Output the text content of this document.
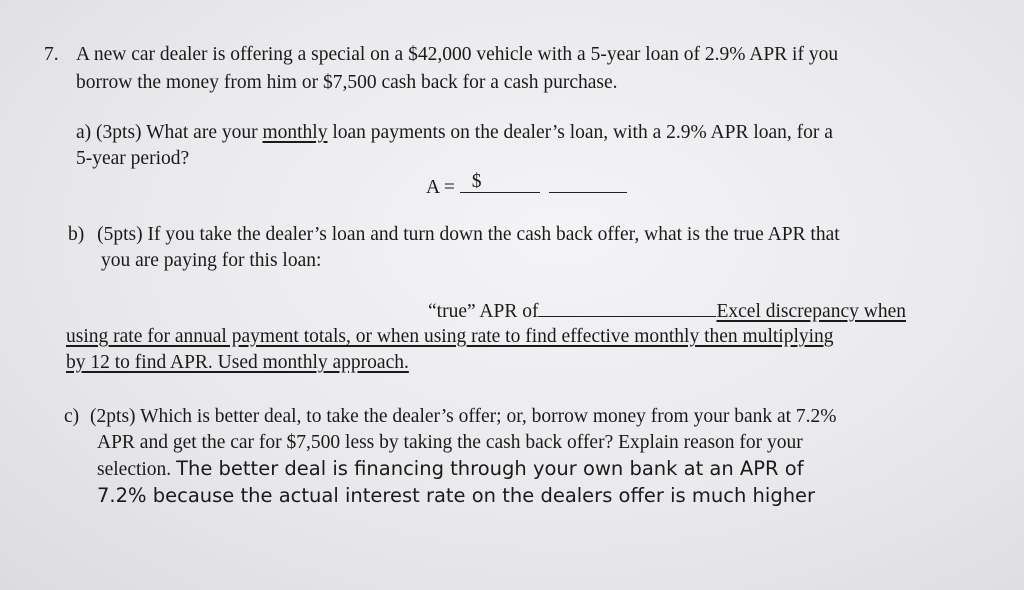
7. A new car dealer is offering a special on a $42,000 vehicle with a 5-year loan of 2.9% APR if you
borrow the money from him or $7,500 cash back for a cash purchase.
a) (3pts) What are your monthly loan payments on the dealer’s loan, with a 2.9% APR loan, for a
5-year period?
A = $

b) (5pts) If you take the dealer’s loan and turn down the cash back offer, what is the true APR that
you are paying for this loan:
“true” APR of	Excel discrepancy when
using rate for annual payment totals, or when using rate to find effective monthly then multiplying
by 12 to find APR. Used monthly approach.
c) (2pts) Which is better deal, to take the dealer’s offer; or, borrow money from your bank at 7.2%
APR and get the car for $7,500 less by taking the cash back offer? Explain reason for your
selection. The better deal is financing through your own bank at an APR of
7.2% because the actual interest rate on the dealers offer is much higher
